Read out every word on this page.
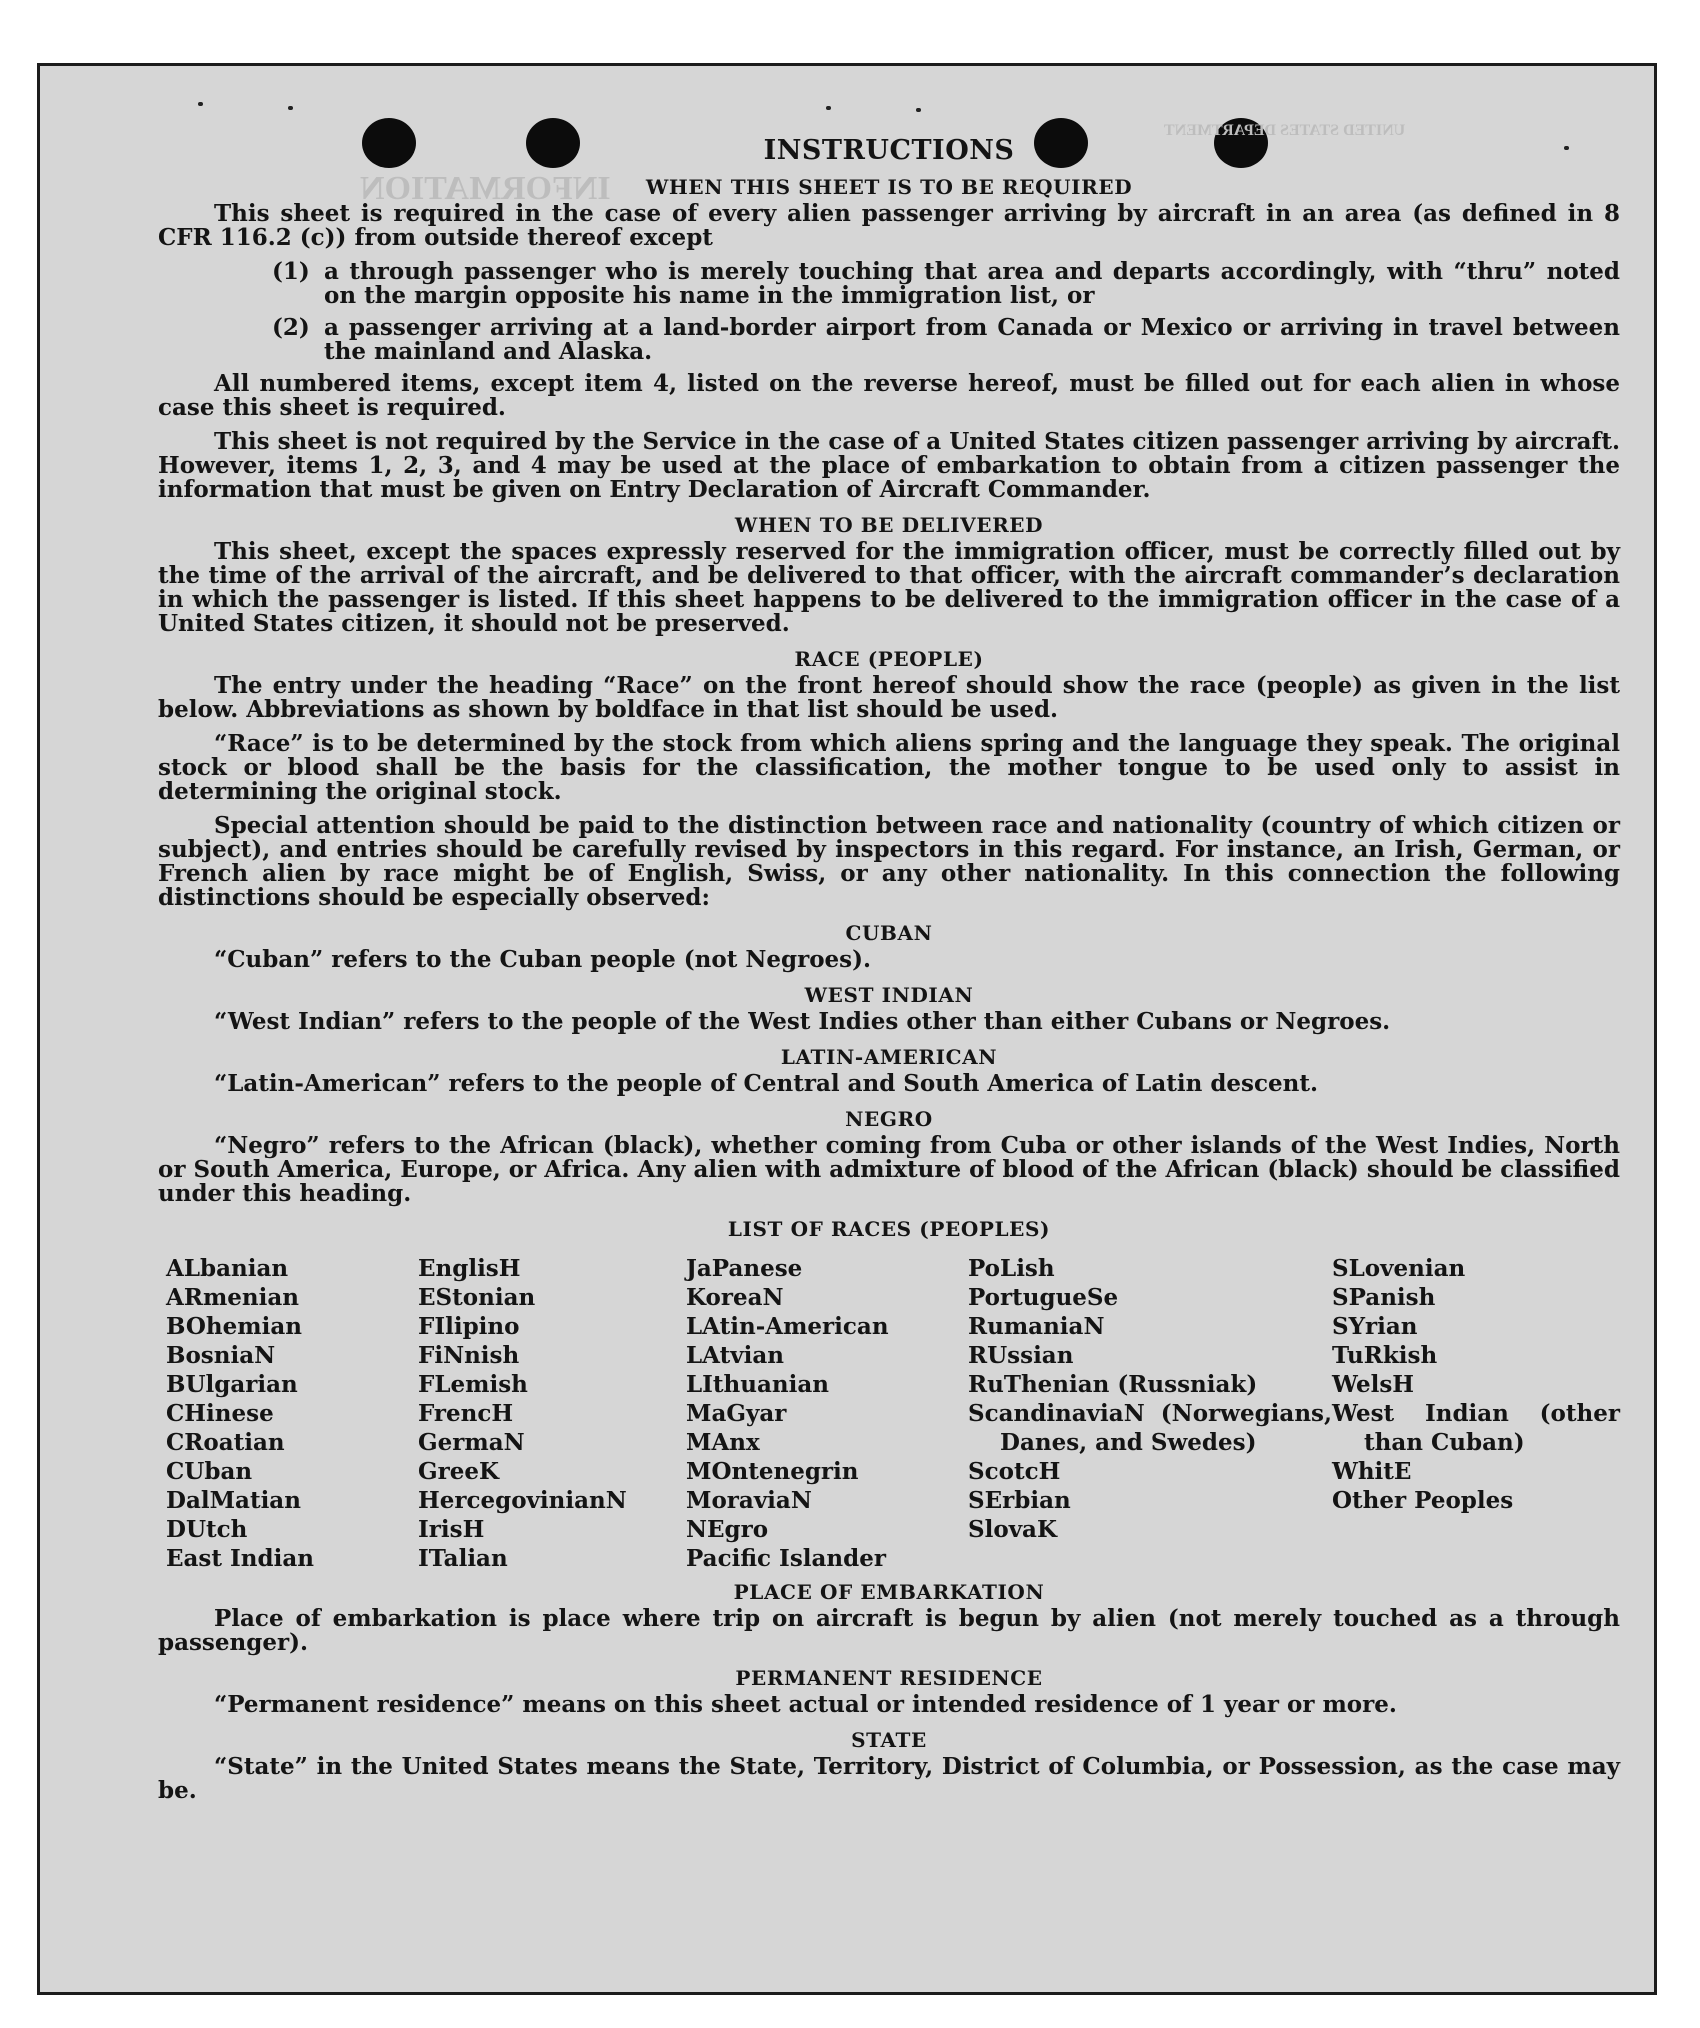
INFORMATION
UNITED STATES DEPARTMENT
INSTRUCTIONS
WHEN THIS SHEET IS TO BE REQUIRED

This sheet is required in the case of every alien passenger arriving by aircraft in an area (as defined in 8 CFR 116.2 (c)) from outside thereof except

(1) a through passenger who is merely touching that area and departs accordingly, with “thru” noted on the margin opposite his name in the immigration list, or
(2) a passenger arriving at a land-border airport from Canada or Mexico or arriving in travel between the mainland and Alaska.

All numbered items, except item 4, listed on the reverse hereof, must be filled out for each alien in whose case this sheet is required.

This sheet is not required by the Service in the case of a United States citizen passenger arriving by aircraft. However, items 1, 2, 3, and 4 may be used at the place of embarkation to obtain from a citizen passenger the information that must be given on Entry Declaration of Aircraft Commander.

WHEN TO BE DELIVERED

This sheet, except the spaces expressly reserved for the immigration officer, must be correctly filled out by the time of the arrival of the aircraft, and be delivered to that officer, with the aircraft commander’s declaration in which the passenger is listed. If this sheet happens to be delivered to the immigration officer in the case of a United States citizen, it should not be preserved.

RACE (PEOPLE)

The entry under the heading “Race” on the front hereof should show the race (people) as given in the list below. Abbreviations as shown by boldface in that list should be used.

“Race” is to be determined by the stock from which aliens spring and the language they speak. The original stock or blood shall be the basis for the classification, the mother tongue to be used only to assist in determining the original stock.

Special attention should be paid to the distinction between race and nationality (country of which citizen or subject), and entries should be carefully revised by inspectors in this regard. For instance, an Irish, German, or French alien by race might be of English, Swiss, or any other nationality. In this connection the following distinctions should be especially observed:

CUBAN

“Cuban” refers to the Cuban people (not Negroes).

WEST INDIAN

“West Indian” refers to the people of the West Indies other than either Cubans or Negroes.

LATIN-AMERICAN

“Latin-American” refers to the people of Central and South America of Latin descent.

NEGRO

“Negro” refers to the African (black), whether coming from Cuba or other islands of the West Indies, North or South America, Europe, or Africa. Any alien with admixture of blood of the African (black) should be classified under this heading.

LIST OF RACES (PEOPLES)
ALbanian
ARmenian
BOhemian
BosniaN
BUlgarian
CHinese
CRoatian
CUban
DalMatian
DUtch
East Indian
EnglisH
EStonian
FIlipino
FiNnish
FLemish
FrencH
GermaN
GreeK
HercegovinianN
IrisH
ITalian
JaPanese
KoreaN
LAtin-American
LAtvian
LIthuanian
MaGyar
MAnx
MOntenegrin
MoraviaN
NEgro
Pacific Islander
PoLish
PortugueSe
RumaniaN
RUssian
RuThenian (Russniak)
ScandinaviaN (Norwegians, Danes, and Swedes)
ScotcH
SErbian
SlovaK
SLovenian
SPanish
SYrian
TuRkish
WelsH
West Indian (other than Cuban)
WhitE
Other Peoples
PLACE OF EMBARKATION

Place of embarkation is place where trip on aircraft is begun by alien (not merely touched as a through passenger).

PERMANENT RESIDENCE

“Permanent residence” means on this sheet actual or intended residence of 1 year or more.

STATE

“State” in the United States means the State, Territory, District of Columbia, or Possession, as the case may be.
